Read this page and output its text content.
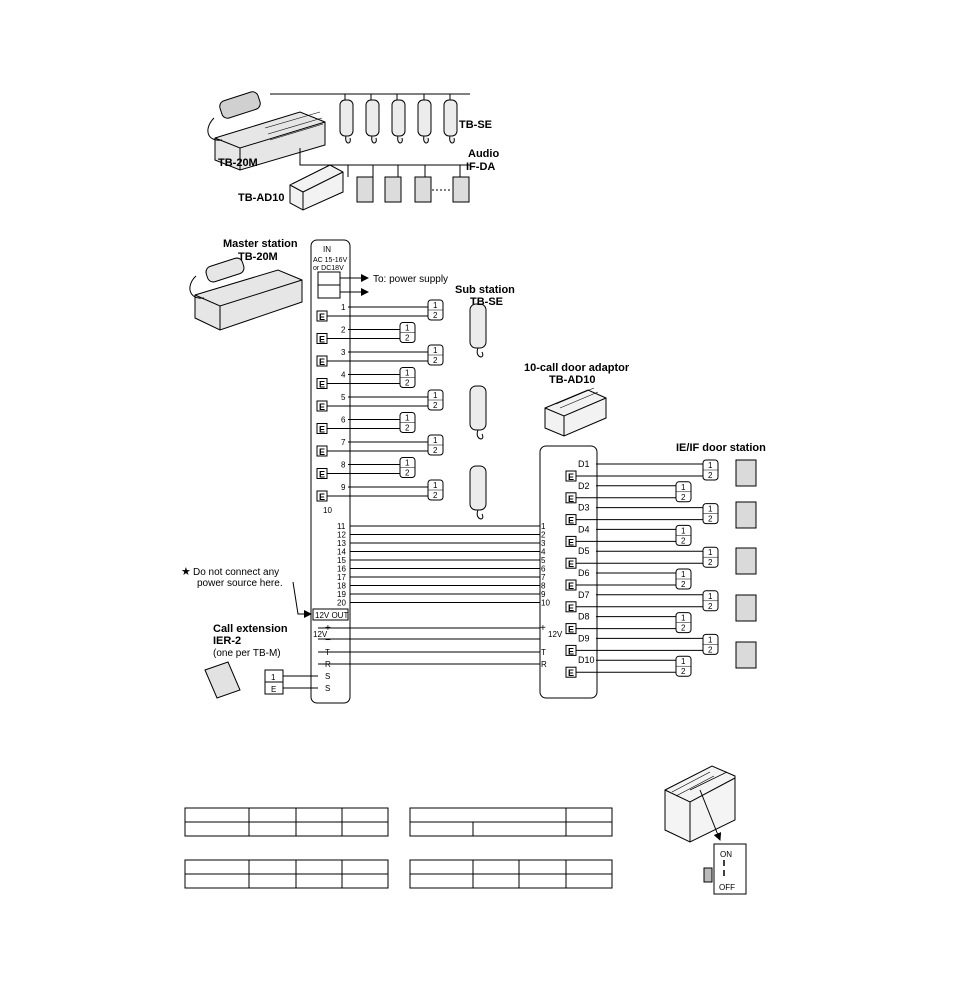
TB-SE
Audio
IF-DA
TB-20M
TB-AD10
1
E
1
2
2
E
1
2
3
E
1
2
4
E
1
2
5
E
1
2
6
E
1
2
7
E
1
2
8
E
1
2
9
E
1
2
11	1
12	2
13	3
14	4
15	5
16	6
17	7
18	8
19	9
20	10
D1
E
1
2
D2
E
1
2
D3
E
1
2
D4
E
1
2
D5
E
1
2
D6
E
1
2
D7
E
1
2
D8
E
1
2
D9
E
1
2
D10
E
1
2
Master station
TB-20M
IN
AC 15-16V
or DC18V
To: power supply
Sub station
TB-SE
10-call door adaptor
TB-AD10
IE/IF door station
★ Do not connect any
power source here.
Call extension
IER-2
(one per TB-M)
12V OUT
+
12V
−
T
R
S
S
1
E
+
12V
T
R
10
ON
OFF
